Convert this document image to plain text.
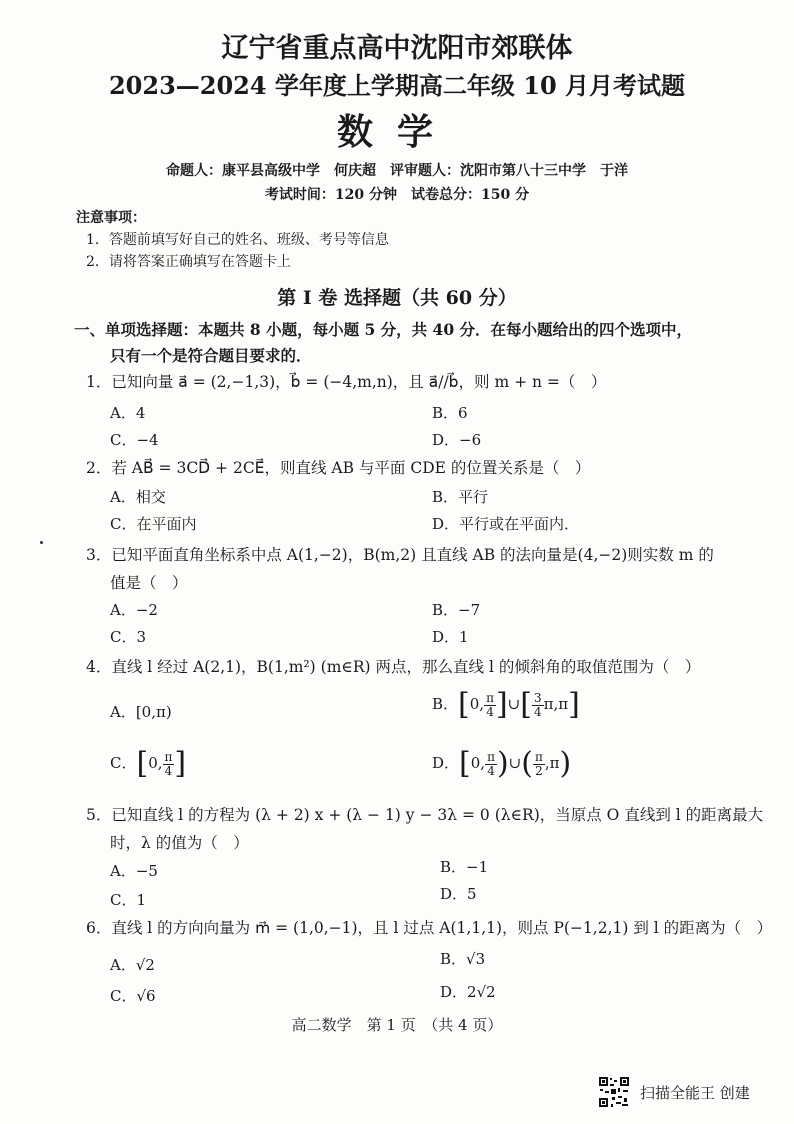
辽宁省重点高中沈阳市郊联体
2023—2024 学年度上学期高二年级 10 月月考试题
数学
命题人：康平县高级中学　何庆超　评审题人：沈阳市第八十三中学　于洋
考试时间：120 分钟　试卷总分：150 分
注意事项：
1．答题前填写好自己的姓名、班级、考号等信息
2．请将答案正确填写在答题卡上
第 I 卷 选择题（共 60 分）
一、单项选择题：本题共 8 小题，每小题 5 分，共 40 分．在每小题给出的四个选项中，
只有一个是符合题目要求的．
1．已知向量 a⃗ = (2,−1,3)，b⃗ = (−4,m,n)，且 a⃗//b⃗，则 m + n =（　）
A．4	B．6
C．−4	D．−6
2．若 AB⃗ = 3CD⃗ + 2CE⃗，则直线 AB 与平面 CDE 的位置关系是（　）
A．相交	B．平行
C．在平面内	D．平行或在平面内．
3．已知平面直角坐标系中点 A(1,−2)，B(m,2) 且直线 AB 的法向量是(4,−2)则实数 m 的
值是（　）
A．−2	B．−7
C．3	D．1
4．直线 l 经过 A(2,1)，B(1,m²) (m∈R) 两点，那么直线 l 的倾斜角的取值范围为（　）
A．[0,π)	B．[0, $\frac{\pi}{4}$ ]∪[ $\frac{3}{4} \pi,\pi$]
C．[0, $\frac{\pi}{4}$ ]	D．[0, $\frac{\pi}{4}$ )∪( $\frac{\pi}{2} ,\pi$)
5．已知直线 l 的方程为 (λ + 2) x + (λ − 1) y − 3λ = 0 (λ∈R)，当原点 O 直线到 l 的距离最大
时，λ 的值为（　）
A．−5	B．−1
C．1	D．5
6．直线 l 的方向向量为 m⃗ = (1,0,−1)，且 l 过点 A(1,1,1)，则点 P(−1,2,1) 到 l 的距离为（　）
A．√2	B．√3
C．√6	D．2√2
高二数学　第 1 页　（共 4 页）
扫描全能王 创建
